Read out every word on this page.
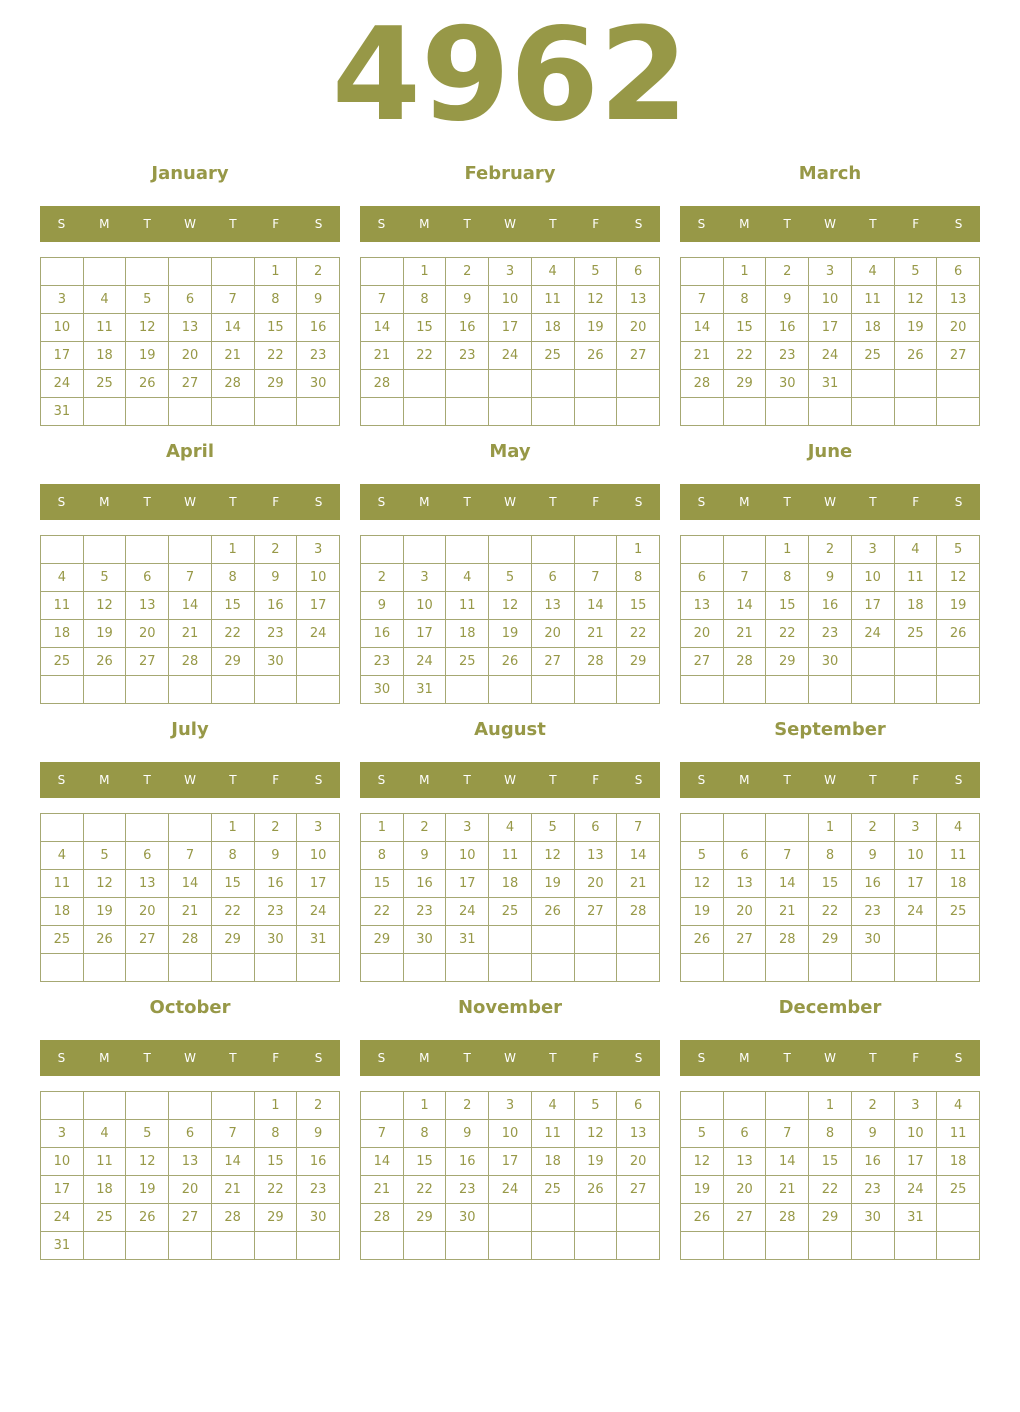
4962
January
S	M	T	W	T	F	S
					1	2
3	4	5	6	7	8	9
10	11	12	13	14	15	16
17	18	19	20	21	22	23
24	25	26	27	28	29	30
31						
February
S	M	T	W	T	F	S
	1	2	3	4	5	6
7	8	9	10	11	12	13
14	15	16	17	18	19	20
21	22	23	24	25	26	27
28						

March
S	M	T	W	T	F	S
	1	2	3	4	5	6
7	8	9	10	11	12	13
14	15	16	17	18	19	20
21	22	23	24	25	26	27
28	29	30	31			

April
S	M	T	W	T	F	S
				1	2	3
4	5	6	7	8	9	10
11	12	13	14	15	16	17
18	19	20	21	22	23	24
25	26	27	28	29	30	

May
S	M	T	W	T	F	S
						1
2	3	4	5	6	7	8
9	10	11	12	13	14	15
16	17	18	19	20	21	22
23	24	25	26	27	28	29
30	31					
June
S	M	T	W	T	F	S
		1	2	3	4	5
6	7	8	9	10	11	12
13	14	15	16	17	18	19
20	21	22	23	24	25	26
27	28	29	30			

July
S	M	T	W	T	F	S
				1	2	3
4	5	6	7	8	9	10
11	12	13	14	15	16	17
18	19	20	21	22	23	24
25	26	27	28	29	30	31

August
S	M	T	W	T	F	S
1	2	3	4	5	6	7
8	9	10	11	12	13	14
15	16	17	18	19	20	21
22	23	24	25	26	27	28
29	30	31				

September
S	M	T	W	T	F	S
			1	2	3	4
5	6	7	8	9	10	11
12	13	14	15	16	17	18
19	20	21	22	23	24	25
26	27	28	29	30		

October
S	M	T	W	T	F	S
					1	2
3	4	5	6	7	8	9
10	11	12	13	14	15	16
17	18	19	20	21	22	23
24	25	26	27	28	29	30
31						
November
S	M	T	W	T	F	S
	1	2	3	4	5	6
7	8	9	10	11	12	13
14	15	16	17	18	19	20
21	22	23	24	25	26	27
28	29	30				

December
S	M	T	W	T	F	S
			1	2	3	4
5	6	7	8	9	10	11
12	13	14	15	16	17	18
19	20	21	22	23	24	25
26	27	28	29	30	31	
